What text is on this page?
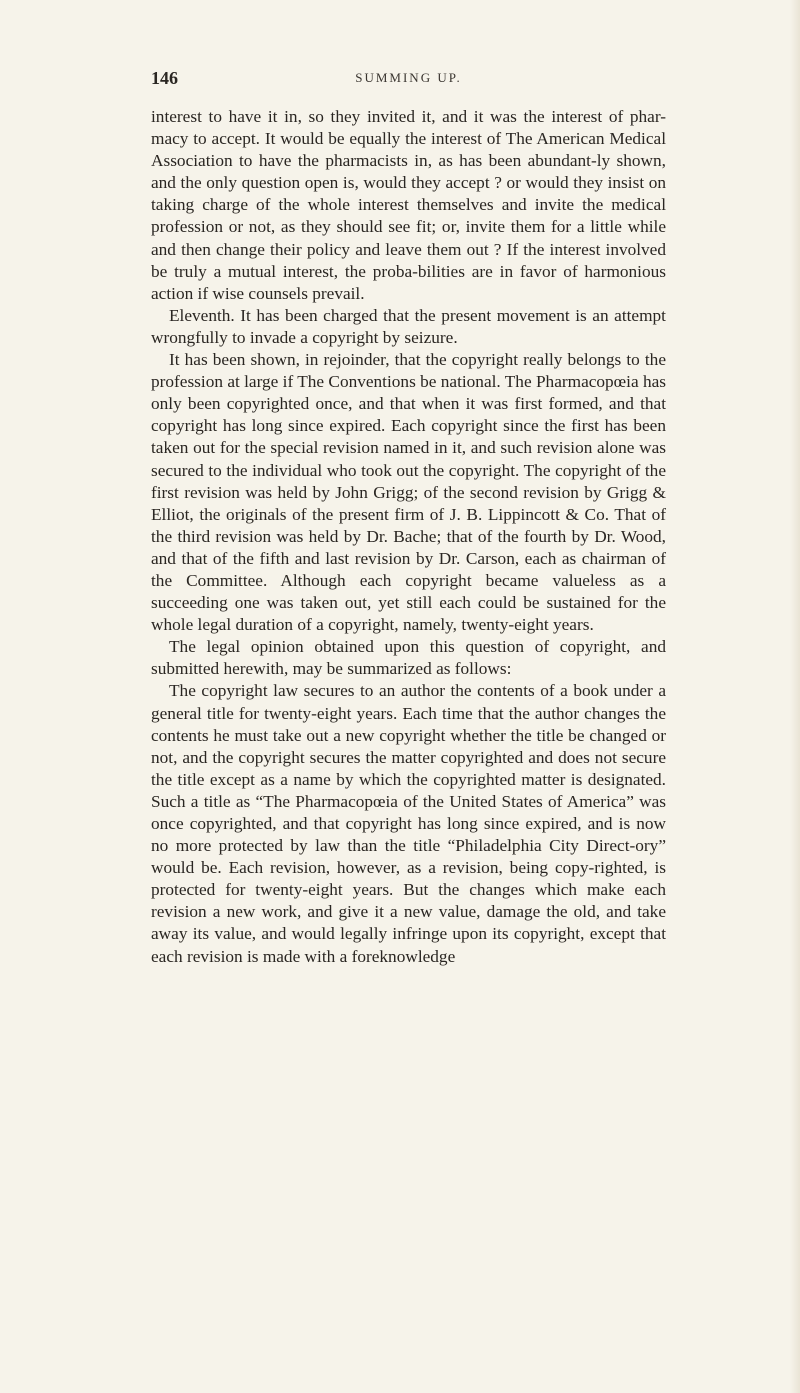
146	SUMMING UP.

interest to have it in, so they invited it, and it was the interest of phar-macy to accept. It would be equally the interest of The American Medical Association to have the pharmacists in, as has been abundant-ly shown, and the only question open is, would they accept ? or would they insist on taking charge of the whole interest themselves and invite the medical profession or not, as they should see fit; or, invite them for a little while and then change their policy and leave them out ? If the interest involved be truly a mutual interest, the proba-bilities are in favor of harmonious action if wise counsels prevail.

Eleventh. It has been charged that the present movement is an attempt wrongfully to invade a copyright by seizure.

It has been shown, in rejoinder, that the copyright really belongs to the profession at large if The Conventions be national. The Pharmacopœia has only been copyrighted once, and that when it was first formed, and that copyright has long since expired. Each copyright since the first has been taken out for the special revision named in it, and such revision alone was secured to the individual who took out the copyright. The copyright of the first revision was held by John Grigg; of the second revision by Grigg & Elliot, the originals of the present firm of J. B. Lippincott & Co. That of the third revision was held by Dr. Bache; that of the fourth by Dr. Wood, and that of the fifth and last revision by Dr. Carson, each as chairman of the Committee. Although each copyright became valueless as a succeeding one was taken out, yet still each could be sustained for the whole legal duration of a copyright, namely, twenty-eight years.

The legal opinion obtained upon this question of copyright, and submitted herewith, may be summarized as follows:

The copyright law secures to an author the contents of a book under a general title for twenty-eight years. Each time that the author changes the contents he must take out a new copyright whether the title be changed or not, and the copyright secures the matter copyrighted and does not secure the title except as a name by which the copyrighted matter is designated. Such a title as “The Pharmacopœia of the United States of America” was once copyrighted, and that copyright has long since expired, and is now no more protected by law than the title “Philadelphia City Direct-ory” would be. Each revision, however, as a revision, being copy-righted, is protected for twenty-eight years. But the changes which make each revision a new work, and give it a new value, damage the old, and take away its value, and would legally infringe upon its copyright, except that each revision is made with a foreknowledge
